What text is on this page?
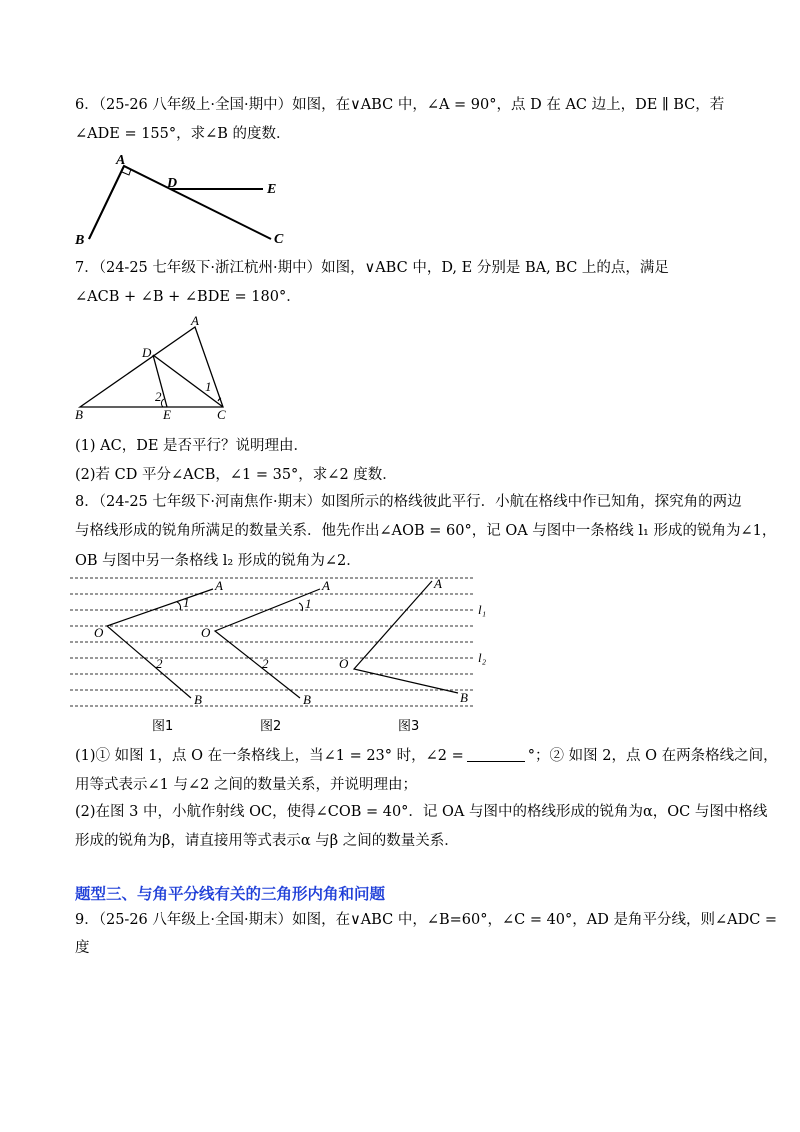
6．（25-26 八年级上·全国·期中）如图，在∨ABC 中，∠A = 90°，点 D 在 AC 边上，DE ∥ BC，若
∠ADE = 155°，求∠B 的度数．
A
B	C
D	E
7．（24-25 七年级下·浙江杭州·期中）如图，∨ABC 中，D, E 分别是 BA, BC 上的点，满足
∠ACB + ∠B + ∠BDE = 180°．
A
B	C
D
E
1
2
(1) AC，DE 是否平行？说明理由．
(2)若 CD 平分∠ACB，∠1 = 35°，求∠2 度数．
8．（24-25 七年级下·河南焦作·期末）如图所示的格线彼此平行．小航在格线中作已知角，探究角的两边
与格线形成的锐角所满足的数量关系．他先作出∠AOB = 60°，记 OA 与图中一条格线 l₁ 形成的锐角为∠1，
OB 与图中另一条格线 l₂ 形成的锐角为∠2．
1
2
A
B
O
图1
1
2
A
B
O
图2
A
B
O
图3
l₁
l₂
(1)① 如图 1，点 O 在一条格线上，当∠1 = 23° 时，∠2 =	°；② 如图 2，点 O 在两条格线之间，
用等式表示∠1 与∠2 之间的数量关系，并说明理由；
(2)在图 3 中，小航作射线 OC，使得∠COB = 40°．记 OA 与图中的格线形成的锐角为α，OC 与图中格线
形成的锐角为β，请直接用等式表示α 与β 之间的数量关系．
题型三、与角平分线有关的三角形内角和问题
9．（25-26 八年级上·全国·期末）如图，在∨ABC 中，∠B=60°，∠C = 40°，AD 是角平分线，则∠ADC =
度
